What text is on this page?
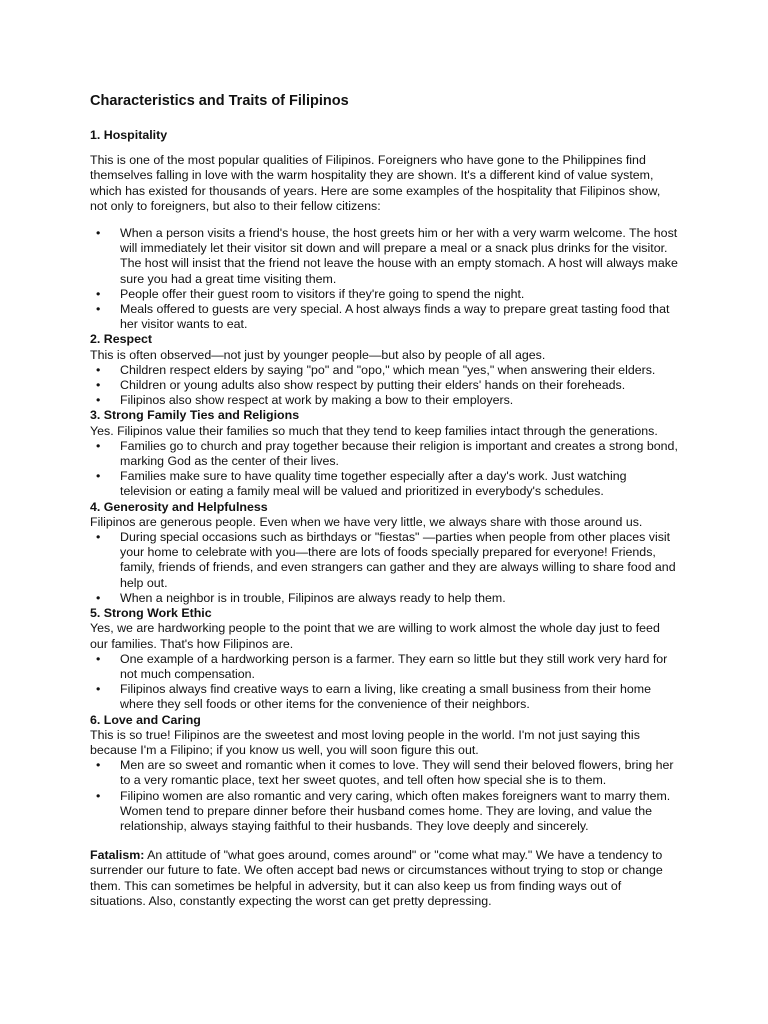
Characteristics and Traits of Filipinos
1. Hospitality

This is one of the most popular qualities of Filipinos. Foreigners who have gone to the Philippines find themselves falling in love with the warm hospitality they are shown. It's a different kind of value system, which has existed for thousands of years. Here are some examples of the hospitality that Filipinos show, not only to foreigners, but also to their fellow citizens:

• When a person visits a friend's house, the host greets him or her with a very warm welcome. The host will immediately let their visitor sit down and will prepare a meal or a snack plus drinks for the visitor. The host will insist that the friend not leave the house with an empty stomach. A host will always make sure you had a great time visiting them.
• People offer their guest room to visitors if they're going to spend the night.
• Meals offered to guests are very special. A host always finds a way to prepare great tasting food that her visitor wants to eat.
2. Respect

This is often observed—not just by younger people—but also by people of all ages.

• Children respect elders by saying "po" and "opo," which mean "yes," when answering their elders.
• Children or young adults also show respect by putting their elders' hands on their foreheads.
• Filipinos also show respect at work by making a bow to their employers.
3. Strong Family Ties and Religions

Yes. Filipinos value their families so much that they tend to keep families intact through the generations.

• Families go to church and pray together because their religion is important and creates a strong bond, marking God as the center of their lives.
• Families make sure to have quality time together especially after a day's work. Just watching television or eating a family meal will be valued and prioritized in everybody's schedules.
4. Generosity and Helpfulness

Filipinos are generous people. Even when we have very little, we always share with those around us.

• During special occasions such as birthdays or "fiestas" —parties when people from other places visit your home to celebrate with you—there are lots of foods specially prepared for everyone! Friends, family, friends of friends, and even strangers can gather and they are always willing to share food and help out.
• When a neighbor is in trouble, Filipinos are always ready to help them.
5. Strong Work Ethic

Yes, we are hardworking people to the point that we are willing to work almost the whole day just to feed our families. That's how Filipinos are.

• One example of a hardworking person is a farmer. They earn so little but they still work very hard for not much compensation.
• Filipinos always find creative ways to earn a living, like creating a small business from their home where they sell foods or other items for the convenience of their neighbors.
6. Love and Caring

This is so true! Filipinos are the sweetest and most loving people in the world. I'm not just saying this because I'm a Filipino; if you know us well, you will soon figure this out.

• Men are so sweet and romantic when it comes to love. They will send their beloved flowers, bring her to a very romantic place, text her sweet quotes, and tell often how special she is to them.
• Filipino women are also romantic and very caring, which often makes foreigners want to marry them. Women tend to prepare dinner before their husband comes home. They are loving, and value the relationship, always staying faithful to their husbands. They love deeply and sincerely.

Fatalism: An attitude of "what goes around, comes around" or "come what may." We have a tendency to surrender our future to fate. We often accept bad news or circumstances without trying to stop or change them. This can sometimes be helpful in adversity, but it can also keep us from finding ways out of situations. Also, constantly expecting the worst can get pretty depressing.
